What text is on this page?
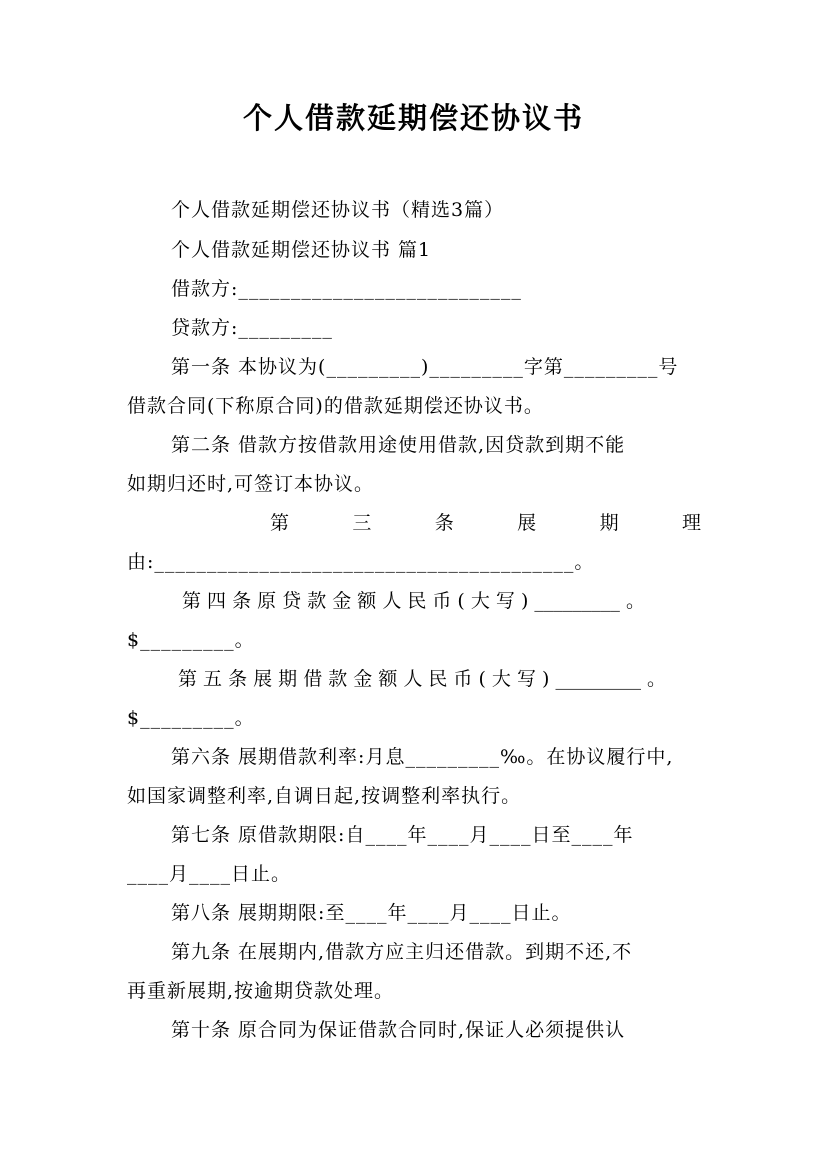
个人借款延期偿还协议书
个人借款延期偿还协议书（精选3篇）
个人借款延期偿还协议书 篇1
借款方:___________________________
贷款方:_________
第一条 本协议为(_________)_________字第_________号
借款合同(下称原合同)的借款延期偿还协议书。
第二条 借款方按借款用途使用借款,因贷款到期不能
如期归还时,可签订本协议。
第	三	条	展	期	理
由:________________________________________。
第 四 条 原 贷 款 金 额 人 民 币 ( 大 写 ) _________ 。
$_________。
第 五 条 展 期 借 款 金 额 人 民 币 ( 大 写 ) _________ 。
$_________。
第六条 展期借款利率:月息_________‰。在协议履行中,
如国家调整利率,自调日起,按调整利率执行。
第七条 原借款期限:自____年____月____日至____年
____月____日止。
第八条 展期期限:至____年____月____日止。
第九条 在展期内,借款方应主归还借款。到期不还,不
再重新展期,按逾期贷款处理。
第十条 原合同为保证借款合同时,保证人必须提供认
